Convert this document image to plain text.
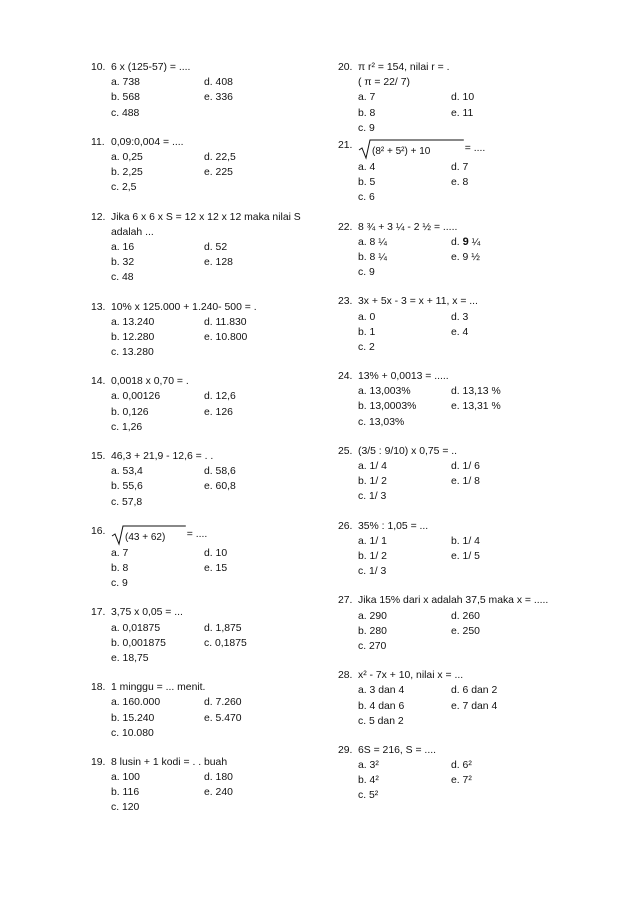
10. 6 x (125-57) = ....
a. 738	d. 408
b. 568	e. 336
c. 488
11. 0,09:0,004 = ....
a. 0,25	d. 22,5
b. 2,25	e. 225
c. 2,5
12. Jika 6 x 6 x S = 12 x 12 x 12 maka nilai S
adalah ...
a. 16	d. 52
b. 32	e. 128
c. 48
13. 10% x 125.000 + 1.240- 500 = .
a. 13.240	d. 11.830
b. 12.280	e. 10.800
c. 13.280
14. 0,0018 x 0,70 = .
a. 0,00126	d. 12,6
b. 0,126	e. 126
c. 1,26
15. 46,3 + 21,9 - 12,6 = . .
a. 53,4	d. 58,6
b. 55,6	e. 60,8
c. 57,8
16.
(43 + 62) = ....
a. 7	d. 10
b. 8	e. 15
c. 9
17. 3,75 x 0,05 = ...
a. 0,01875	d. 1,875
b. 0,001875	c. 0,1875
e. 18,75
18. 1 minggu = ... menit.
a. 160.000	d. 7.260
b. 15.240	e. 5.470
c. 10.080
19. 8 lusin + 1 kodi = . . buah
a. 100	d. 180
b. 116	e. 240
c. 120
20. π r² = 154, nilai r = .
( π = 22/ 7)
a. 7	d. 10
b. 8	e. 11
c. 9
21.
(8² + 5²) + 10	= ....
a. 4	d. 7
b. 5	e. 8
c. 6
22. 8 ¾ + 3 ¼ - 2 ½ = .....
a. 8 ¼	d. 9 ¼
b. 8 ¼	e. 9 ½
c. 9
23. 3x + 5x - 3 = x + 11, x = ...
a. 0	d. 3
b. 1	e. 4
c. 2
24. 13% + 0,0013 = .....
a. 13,003%	d. 13,13 %
b. 13,0003%	e. 13,31 %
c. 13,03%
25. (3/5 : 9/10) x 0,75 = ..
a. 1/ 4	d. 1/ 6
b. 1/ 2	e. 1/ 8
c. 1/ 3
26. 35% : 1,05 = ...
a. 1/ 1	b. 1/ 4
b. 1/ 2	e. 1/ 5
c. 1/ 3
27. Jika 15% dari x adalah 37,5 maka x = .....
a. 290	d. 260
b. 280	e. 250
c. 270
28. x² - 7x + 10, nilai x = ...
a. 3 dan 4	d. 6 dan 2
b. 4 dan 6	e. 7 dan 4
c. 5 dan 2
29. 6S = 216, S = ....
a. 3²	d. 6²
b. 4²	e. 7²
c. 5²
